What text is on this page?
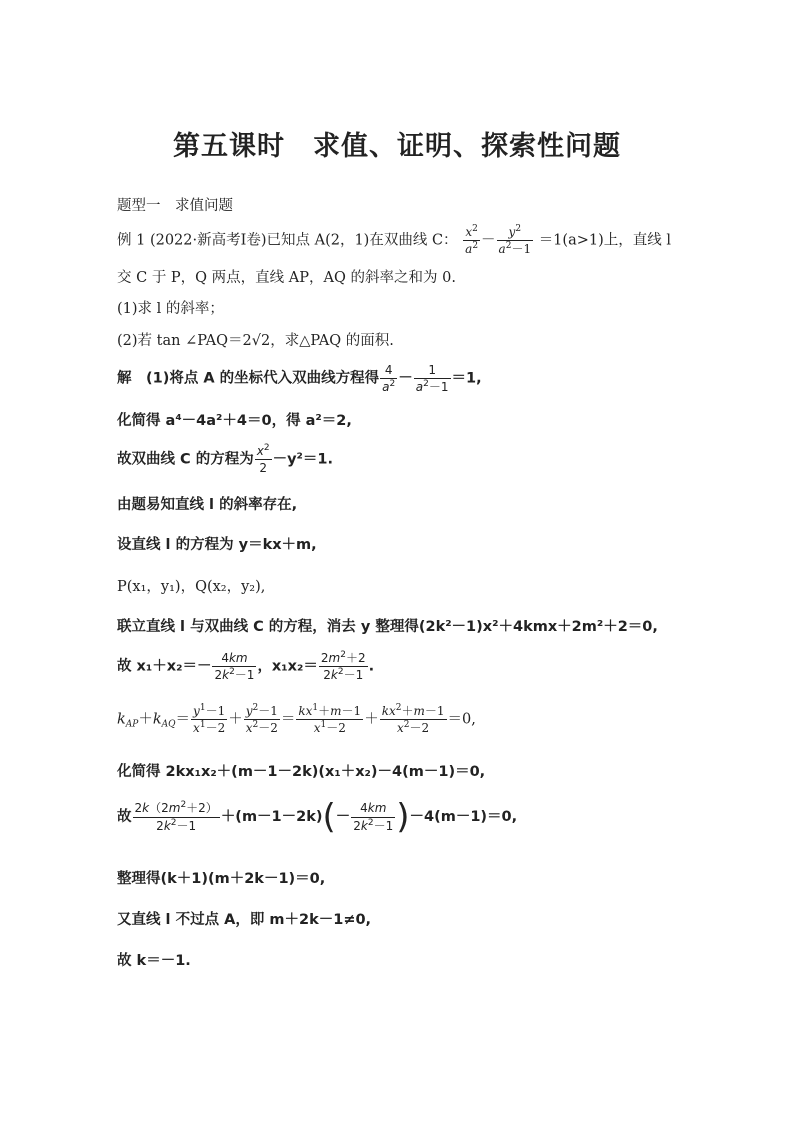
第五课时　求值、证明、探索性问题
题型一　求值问题
例 1 (2022·新高考Ⅰ卷)已知点 A(2，1)在双曲线 C： $\frac{x^2}{a^2} - \frac{y^2}{a^2-1} =1(a>1)$上，直线 l
交 C 于 P，Q 两点，直线 AP，AQ 的斜率之和为 0.
(1)求 l 的斜率；
(2)若 tan ∠PAQ＝2√2，求△PAQ 的面积.
解　(1)将点 A 的坐标代入双曲线方程得 $\frac{4}{a^2} - \frac{1}{a^2-1} =1$,
化简得 a⁴－4a²＋4＝0，得 a²＝2,
故双曲线 C 的方程为 $\frac{x^2}{2} -y^2=1$.
由题易知直线 l 的斜率存在,
设直线 l 的方程为 y＝kx＋m,
P(x₁，y₁)，Q(x₂，y₂),
联立直线 l 与双曲线 C 的方程，消去 y 整理得(2k²－1)x²＋4kmx＋2m²＋2＝0,
故 $x_1+x_2=- \frac{4km}{2k^2-1}$ ，$x_1x_2= \frac{2m^2+2}{2k^2-1}$ .
$k_{AP}+k_{AQ}= \frac{y^1-1}{x^1-2} + \frac{y^2-1}{x^2-2} = \frac{kx^1+m-1}{x^1-2} + \frac{kx^2+m-1}{x^2-2} =0$,
化简得 2kx₁x₂＋(m－1－2k)(x₁＋x₂)－4(m－1)＝0,
故 $\frac{2k(2m^2+2)}{2k^2-1} +(m-1-2k)(- \frac{4km}{2k^2-1} )-4(m-1)=0$,
整理得(k＋1)(m＋2k－1)＝0,
又直线 l 不过点 A，即 m＋2k－1≠0,
故 k＝－1.
